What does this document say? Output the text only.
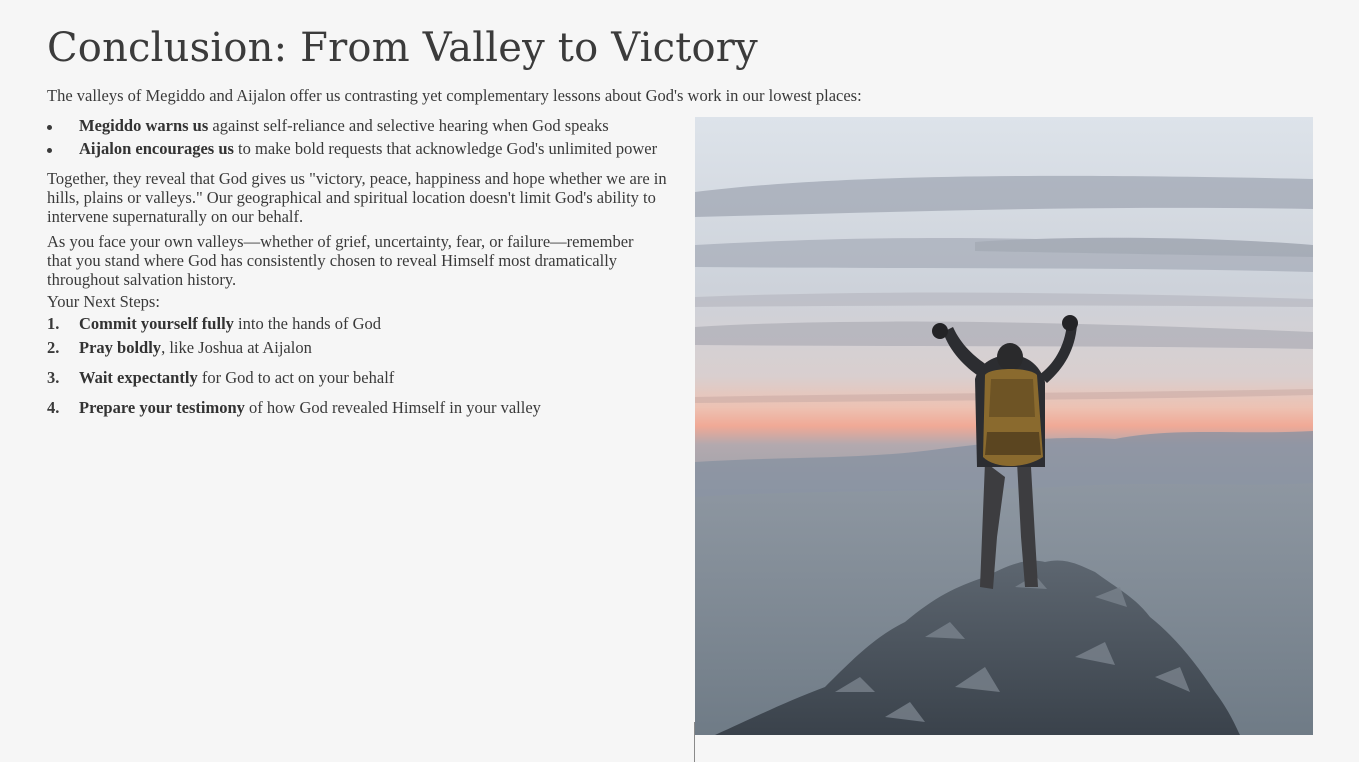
Conclusion: From Valley to Victory

The valleys of Megiddo and Aijalon offer us contrasting yet complementary lessons about God's work in our lowest places:

Megiddo warns us against self-reliance and selective hearing when God speaks
Aijalon encourages us to make bold requests that acknowledge God's unlimited power

Together, they reveal that God gives us "victory, peace, happiness and hope whether we are in hills, plains or valleys." Our geographical and spiritual location doesn't limit God's ability to intervene supernaturally on our behalf.

As you face your own valleys—whether of grief, uncertainty, fear, or failure—remember that you stand where God has consistently chosen to reveal Himself most dramatically throughout salvation history.

Your Next Steps:

1. Commit yourself fully into the hands of God
2. Pray boldly, like Joshua at Aijalon
3. Wait expectantly for God to act on your behalf
4. Prepare your testimony of how God revealed Himself in your valley
